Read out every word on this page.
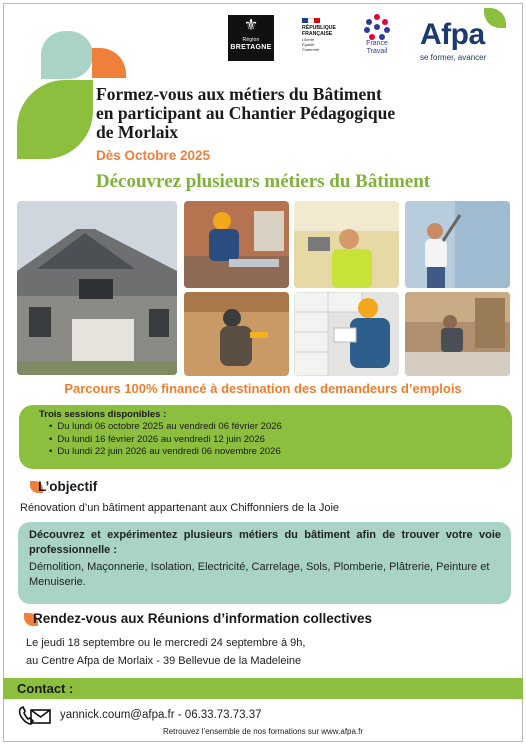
⚜
Région
BRETAGNE
RÉPUBLIQUE
FRANÇAISE
Liberté
Égalité
Fraternité
France
Travail
Afpa
se former, avancer
Formez-vous aux métiers du Bâtiment
en participant au Chantier Pédagogique
de Morlaix
Dès Octobre 2025
Découvrez plusieurs métiers du Bâtiment
Parcours 100% financé à destination des demandeurs d’emplois
Trois sessions disponibles :
• Du lundi 06 octobre 2025 au vendredi 06 février 2026
• Du lundi 16 février 2026 au vendredi 12 juin 2026
• Du lundi 22 juin 2026 au vendredi 06 novembre 2026
L’objectif
Rénovation d’un bâtiment appartenant aux Chiffonniers de la Joie
Découvrez et expérimentez plusieurs métiers du bâtiment afin de trouver votre voie professionnelle :
Démolition, Maçonnerie, Isolation, Electricité, Carrelage, Sols, Plomberie, Plâtrerie, Peinture et Menuiserie.
Rendez-vous aux Réunions d’information collectives
Le jeudi 18 septembre ou le mercredi 24 septembre à 9h,
au Centre Afpa de Morlaix - 39 Bellevue de la Madeleine
Contact :
yannick.coum@afpa.fr - 06.33.73.73.37
Retrouvez l’ensemble de nos formations sur www.afpa.fr
